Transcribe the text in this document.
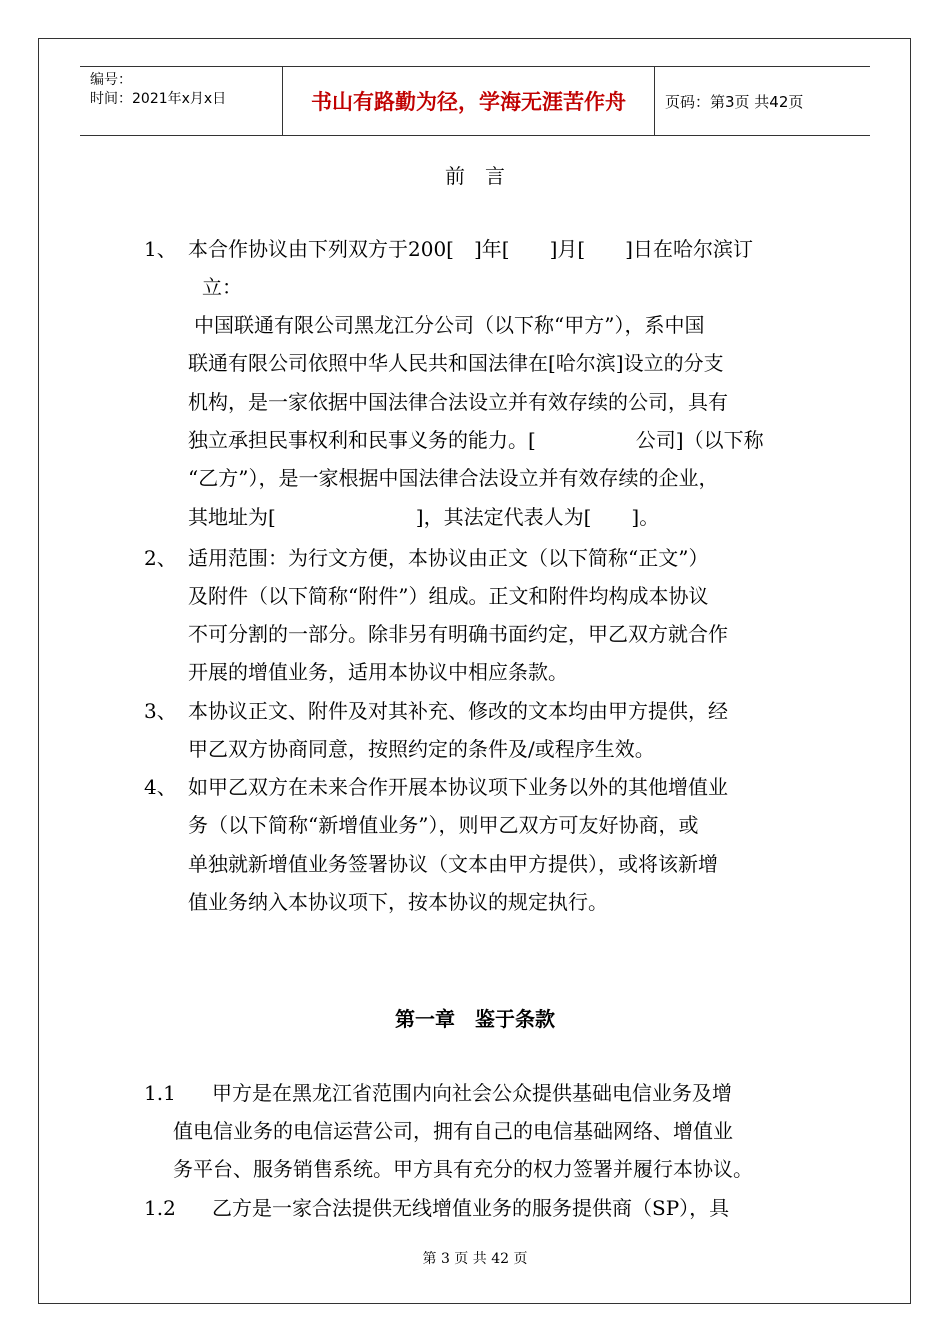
编号：
时间：2021年x月x日	书山有路勤为径，学海无涯苦作舟	页码：第3页 共42页
前　言
1、 本合作协议由下列双方于200[　]年[　　]月[　　]日在哈尔滨订
立：
中国联通有限公司黑龙江分公司（以下称“甲方”），系中国
联通有限公司依照中华人民共和国法律在[哈尔滨]设立的分支
机构，是一家依据中国法律合法设立并有效存续的公司，具有
独立承担民事权利和民事义务的能力。[　　　　　公司]（以下称
“乙方”），是一家根据中国法律合法设立并有效存续的企业，
其地址为[　　　　　　　]，其法定代表人为[　　]。
2、 适用范围：为行文方便，本协议由正文（以下简称“正文”）
及附件（以下简称“附件”）组成。正文和附件均构成本协议
不可分割的一部分。除非另有明确书面约定，甲乙双方就合作
开展的增值业务，适用本协议中相应条款。
3、 本协议正文、附件及对其补充、修改的文本均由甲方提供，经
甲乙双方协商同意，按照约定的条件及/或程序生效。
4、 如甲乙双方在未来合作开展本协议项下业务以外的其他增值业
务（以下简称“新增值业务”），则甲乙双方可友好协商，或
单独就新增值业务签署协议（文本由甲方提供），或将该新增
值业务纳入本协议项下，按本协议的规定执行。
第一章　鉴于条款
1.1 甲方是在黑龙江省范围内向社会公众提供基础电信业务及增
值电信业务的电信运营公司，拥有自己的电信基础网络、增值业
务平台、服务销售系统。甲方具有充分的权力签署并履行本协议。
1.2 乙方是一家合法提供无线增值业务的服务提供商（SP），具
第 3 页 共 42 页
